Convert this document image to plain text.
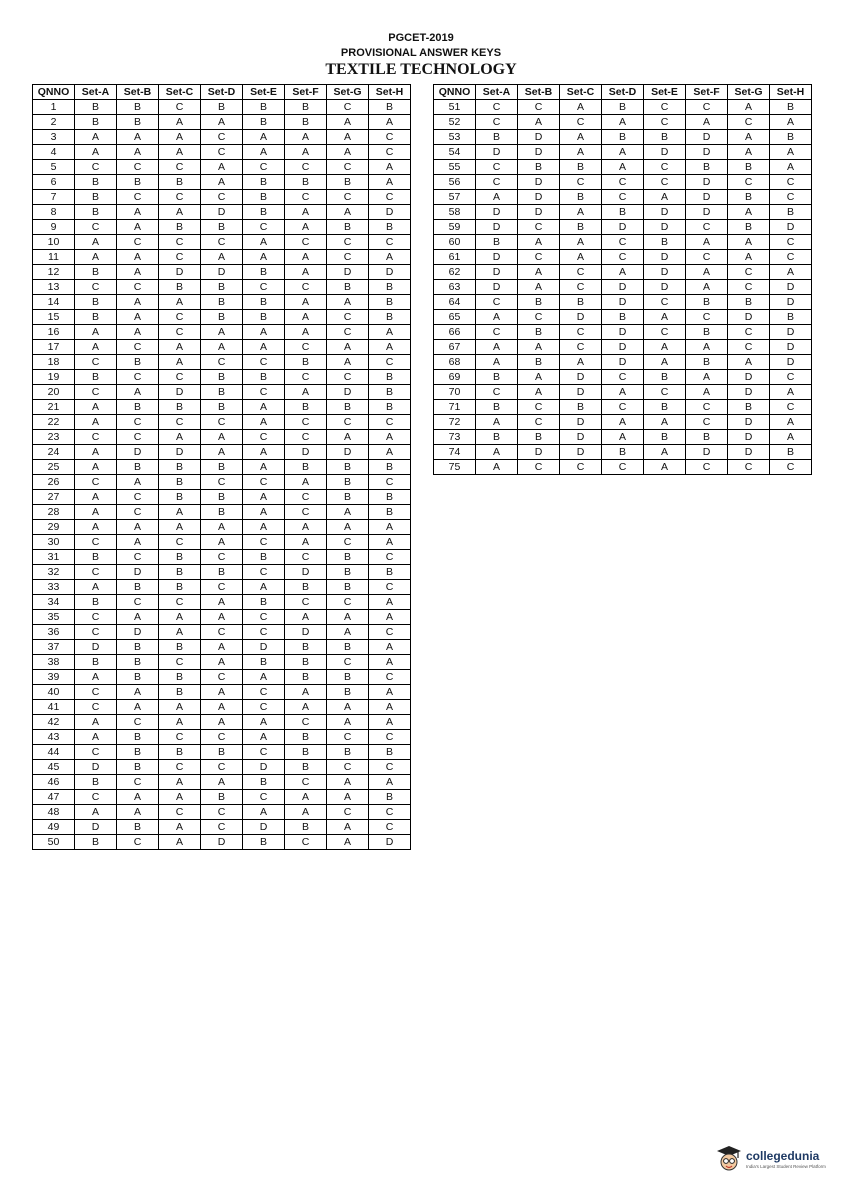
PGCET-2019
PROVISIONAL ANSWER KEYS
TEXTILE TECHNOLOGY
QNNO	Set-A	Set-B	Set-C	Set-D	Set-E	Set-F	Set-G	Set-H
1	B	B	C	B	B	B	C	B
2	B	B	A	A	B	B	A	A
3	A	A	A	C	A	A	A	C
4	A	A	A	C	A	A	A	C
5	C	C	C	A	C	C	C	A
6	B	B	B	A	B	B	B	A
7	B	C	C	C	B	C	C	C
8	B	A	A	D	B	A	A	D
9	C	A	B	B	C	A	B	B
10	A	C	C	C	A	C	C	C
11	A	A	C	A	A	A	C	A
12	B	A	D	D	B	A	D	D
13	C	C	B	B	C	C	B	B
14	B	A	A	B	B	A	A	B
15	B	A	C	B	B	A	C	B
16	A	A	C	A	A	A	C	A
17	A	C	A	A	A	C	A	A
18	C	B	A	C	C	B	A	C
19	B	C	C	B	B	C	C	B
20	C	A	D	B	C	A	D	B
21	A	B	B	B	A	B	B	B
22	A	C	C	C	A	C	C	C
23	C	C	A	A	C	C	A	A
24	A	D	D	A	A	D	D	A
25	A	B	B	B	A	B	B	B
26	C	A	B	C	C	A	B	C
27	A	C	B	B	A	C	B	B
28	A	C	A	B	A	C	A	B
29	A	A	A	A	A	A	A	A
30	C	A	C	A	C	A	C	A
31	B	C	B	C	B	C	B	C
32	C	D	B	B	C	D	B	B
33	A	B	B	C	A	B	B	C
34	B	C	C	A	B	C	C	A
35	C	A	A	A	C	A	A	A
36	C	D	A	C	C	D	A	C
37	D	B	B	A	D	B	B	A
38	B	B	C	A	B	B	C	A
39	A	B	B	C	A	B	B	C
40	C	A	B	A	C	A	B	A
41	C	A	A	A	C	A	A	A
42	A	C	A	A	A	C	A	A
43	A	B	C	C	A	B	C	C
44	C	B	B	B	C	B	B	B
45	D	B	C	C	D	B	C	C
46	B	C	A	A	B	C	A	A
47	C	A	A	B	C	A	A	B
48	A	A	C	C	A	A	C	C
49	D	B	A	C	D	B	A	C
50	B	C	A	D	B	C	A	D
QNNO	Set-A	Set-B	Set-C	Set-D	Set-E	Set-F	Set-G	Set-H
51	C	C	A	B	C	C	A	B
52	C	A	C	A	C	A	C	A
53	B	D	A	B	B	D	A	B
54	D	D	A	A	D	D	A	A
55	C	B	B	A	C	B	B	A
56	C	D	C	C	C	D	C	C
57	A	D	B	C	A	D	B	C
58	D	D	A	B	D	D	A	B
59	D	C	B	D	D	C	B	D
60	B	A	A	C	B	A	A	C
61	D	C	A	C	D	C	A	C
62	D	A	C	A	D	A	C	A
63	D	A	C	D	D	A	C	D
64	C	B	B	D	C	B	B	D
65	A	C	D	B	A	C	D	B
66	C	B	C	D	C	B	C	D
67	A	A	C	D	A	A	C	D
68	A	B	A	D	A	B	A	D
69	B	A	D	C	B	A	D	C
70	C	A	D	A	C	A	D	A
71	B	C	B	C	B	C	B	C
72	A	C	D	A	A	C	D	A
73	B	B	D	A	B	B	D	A
74	A	D	D	B	A	D	D	B
75	A	C	C	C	A	C	C	C
collegedunia
India's Largest Student Review Platform
